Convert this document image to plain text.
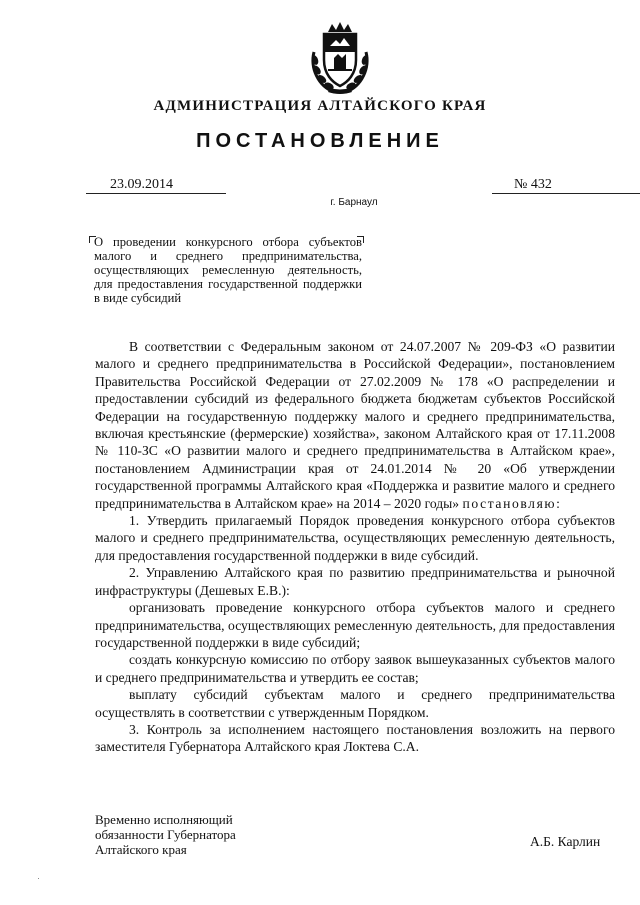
АДМИНИСТРАЦИЯ АЛТАЙСКОГО КРАЯ
ПОСТАНОВЛЕНИЕ
23.09.2014	№ 432
г. Барнаул
О проведении конкурсного отбора субъектов малого и среднего предпринимательства, осуществляющих ремесленную деятельность, для предоставления государственной поддержки в виде субсидий

В соответствии с Федеральным законом от 24.07.2007 № 209-ФЗ «О развитии малого и среднего предпринимательства в Российской Федерации», постановлением Правительства Российской Федерации от 27.02.2009 № 178 «О распределении и предоставлении субсидий из федерального бюджета бюджетам субъектов Российской Федерации на государственную поддержку малого и среднего предпринимательства, включая крестьянские (фермерские) хозяйства», законом Алтайского края от 17.11.2008 № 110-ЗС «О развитии малого и среднего предпринимательства в Алтайском крае», постановлением Администрации края от 24.01.2014 № 20 «Об утверждении государственной программы Алтайского края «Поддержка и развитие малого и среднего предпринимательства в Алтайском крае» на 2014 – 2020 годы» постановляю:

1. Утвердить прилагаемый Порядок проведения конкурсного отбора субъектов малого и среднего предпринимательства, осуществляющих ремесленную деятельность, для предоставления государственной поддержки в виде субсидий.

2. Управлению Алтайского края по развитию предпринимательства и рыночной инфраструктуры (Дешевых Е.В.):

организовать проведение конкурсного отбора субъектов малого и среднего предпринимательства, осуществляющих ремесленную деятельность, для предоставления государственной поддержки в виде субсидий;

создать конкурсную комиссию по отбору заявок вышеуказанных субъектов малого и среднего предпринимательства и утвердить ее состав;

выплату субсидий субъектам малого и среднего предпринимательства осуществлять в соответствии с утвержденным Порядком.

3. Контроль за исполнением настоящего постановления возложить на первого заместителя Губернатора Алтайского края Локтева С.А.

Временно исполняющий
обязанности Губернатора
Алтайского края
А.Б. Карлин
